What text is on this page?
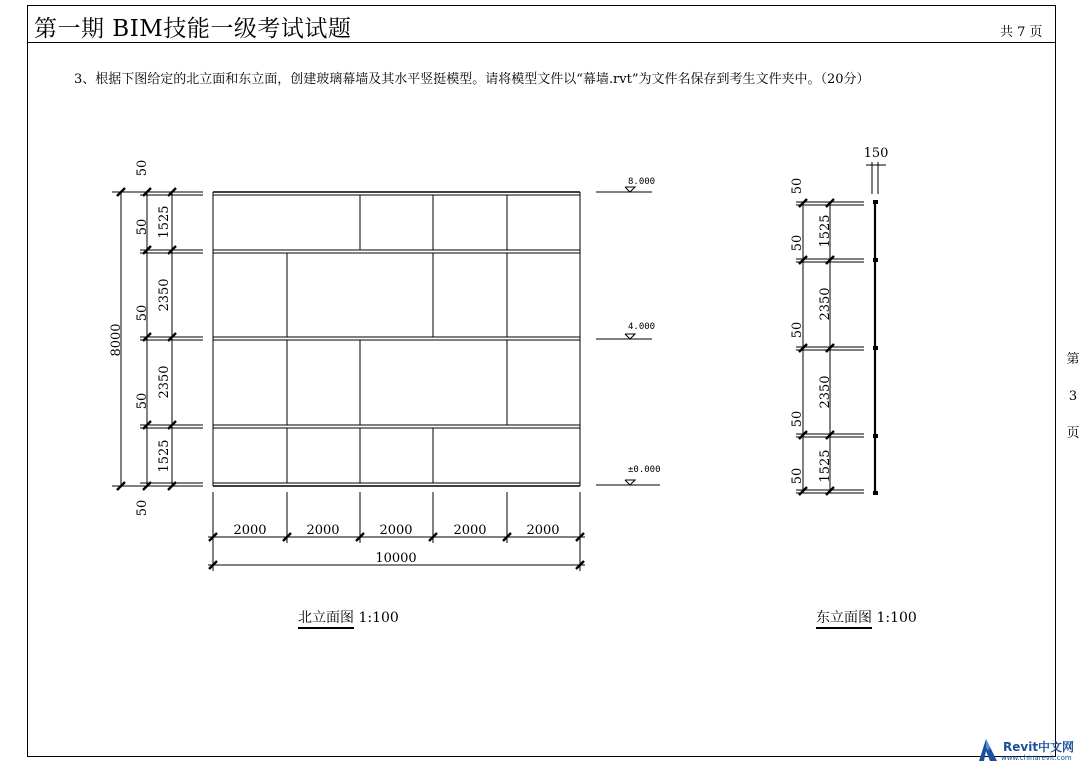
第一期 BIM技能一级考试试题	共 7 页
3、根据下图给定的北立面和东立面，创建玻璃幕墙及其水平竖挺模型。请将模型文件以“幕墙.rvt”为文件名保存到考生文件夹中。（20分）
第
3
页
8000
50
1525
50
2350
50
2350
50
1525
50
2000	2000	2000	2000	2000
10000
8.000
4.000
±0.000
150
50
1525
50
2350
50
2350
50
1525
50
北立面图 1:100	东立面图 1:100
Revit中文网
www.chinarevit.com
